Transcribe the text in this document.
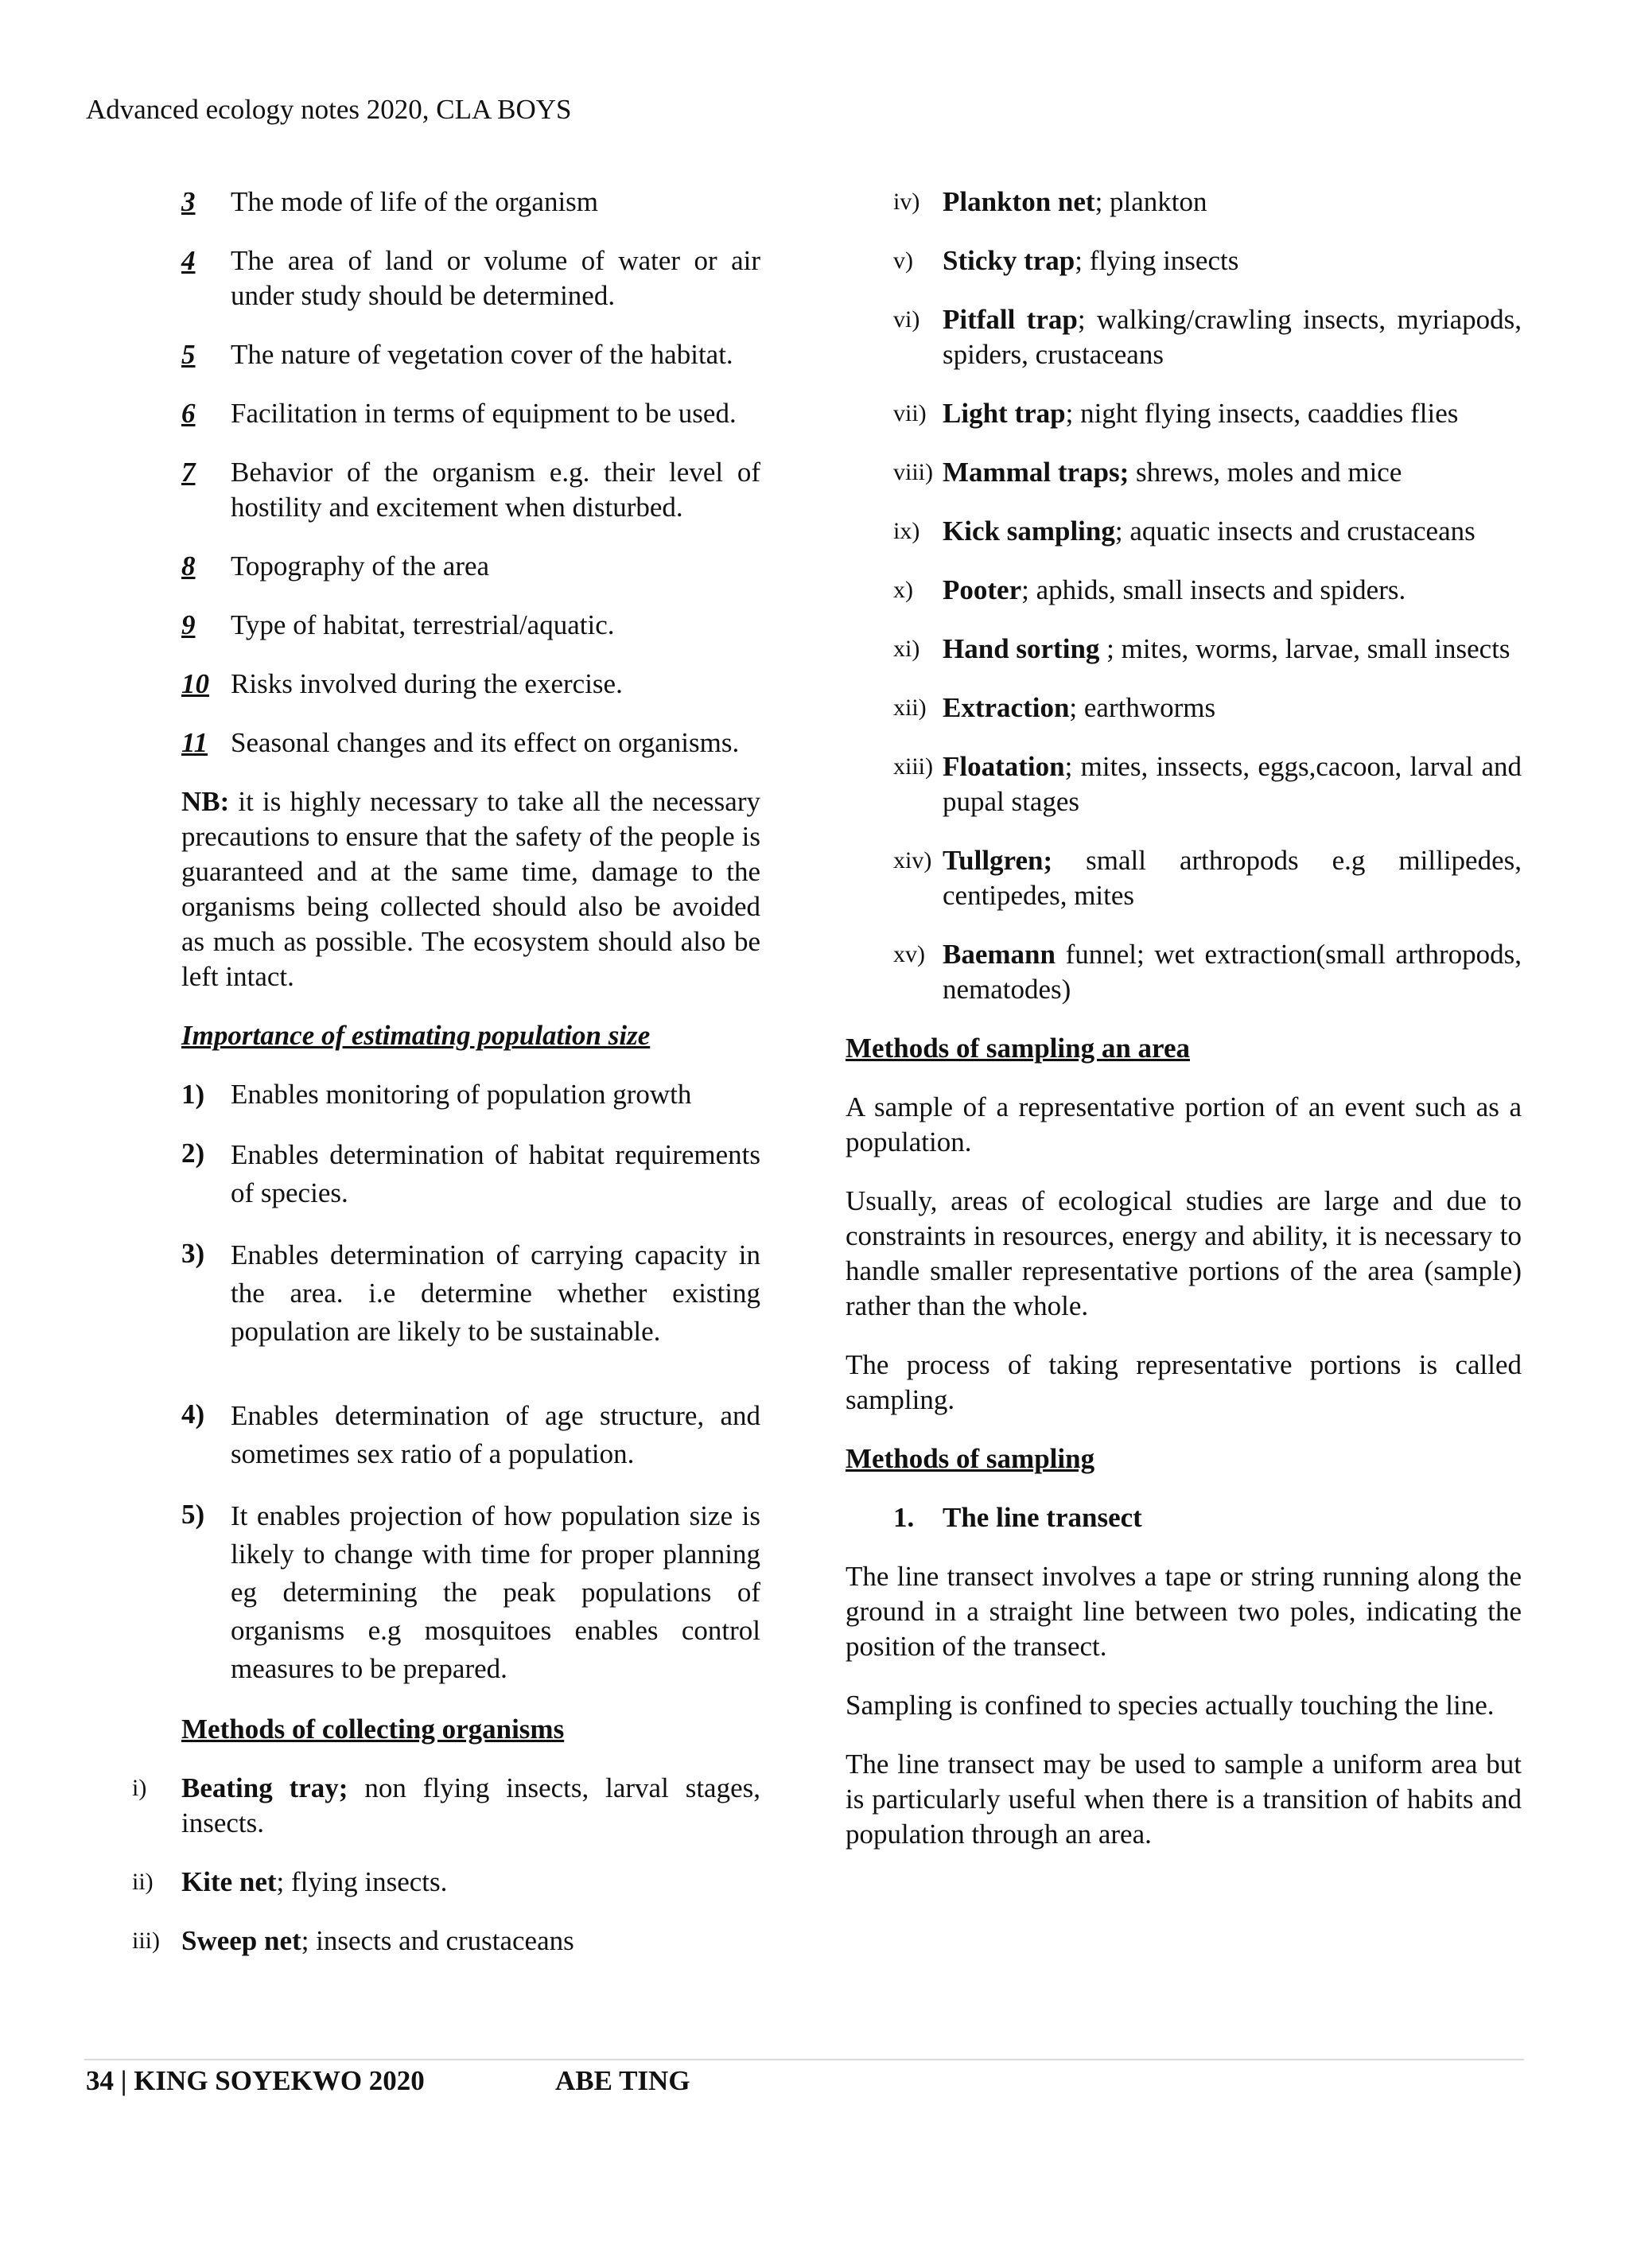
Advanced ecology notes 2020, CLA BOYS
3 The mode of life of the organism
4 The area of land or volume of water or air under study should be determined.
5 The nature of vegetation cover of the habitat.
6 Facilitation in terms of equipment to be used.
7 Behavior of the organism e.g. their level of hostility and excitement when disturbed.
8 Topography of the area
9 Type of habitat, terrestrial/aquatic.
10 Risks involved during the exercise.
11 Seasonal changes and its effect on organisms.

NB: it is highly necessary to take all the necessary precautions to ensure that the safety of the people is guaranteed and at the same time, damage to the organisms being collected should also be avoided as much as possible. The ecosystem should also be left intact.

Importance of estimating population size
1) Enables monitoring of population growth
2) Enables determination of habitat requirements of species.
3) Enables determination of carrying capacity in the area. i.e determine whether existing population are likely to be sustainable.
4) Enables determination of age structure, and sometimes sex ratio of a population.
5) It enables projection of how population size is likely to change with time for proper planning eg determining the peak populations of organisms e.g mosquitoes enables control measures to be prepared.
Methods of collecting organisms
i) Beating tray; non flying insects, larval stages, insects.
ii) Kite net; flying insects.
iii) Sweep net; insects and crustaceans
iv) Plankton net; plankton
v) Sticky trap; flying insects
vi) Pitfall trap; walking/crawling insects, myriapods, spiders, crustaceans
vii) Light trap; night flying insects, caaddies flies
viii) Mammal traps; shrews, moles and mice
ix) Kick sampling; aquatic insects and crustaceans
x) Pooter; aphids, small insects and spiders.
xi) Hand sorting ; mites, worms, larvae, small insects
xii) Extraction; earthworms
xiii) Floatation; mites, inssects, eggs,cacoon, larval and pupal stages
xiv) Tullgren; small arthropods e.g millipedes, centipedes, mites
xv) Baemann funnel; wet extraction(small arthropods, nematodes)
Methods of sampling an area

A sample of a representative portion of an event such as a population.

Usually, areas of ecological studies are large and due to constraints in resources, energy and ability, it is necessary to handle smaller representative portions of the area (sample) rather than the whole.

The process of taking representative portions is called sampling.

Methods of sampling
1. The line transect

The line transect involves a tape or string running along the ground in a straight line between two poles, indicating the position of the transect.

Sampling is confined to species actually touching the line.

The line transect may be used to sample a uniform area but is particularly useful when there is a transition of habits and population through an area.

34 | KING SOYEKWO 2020	ABE TING
